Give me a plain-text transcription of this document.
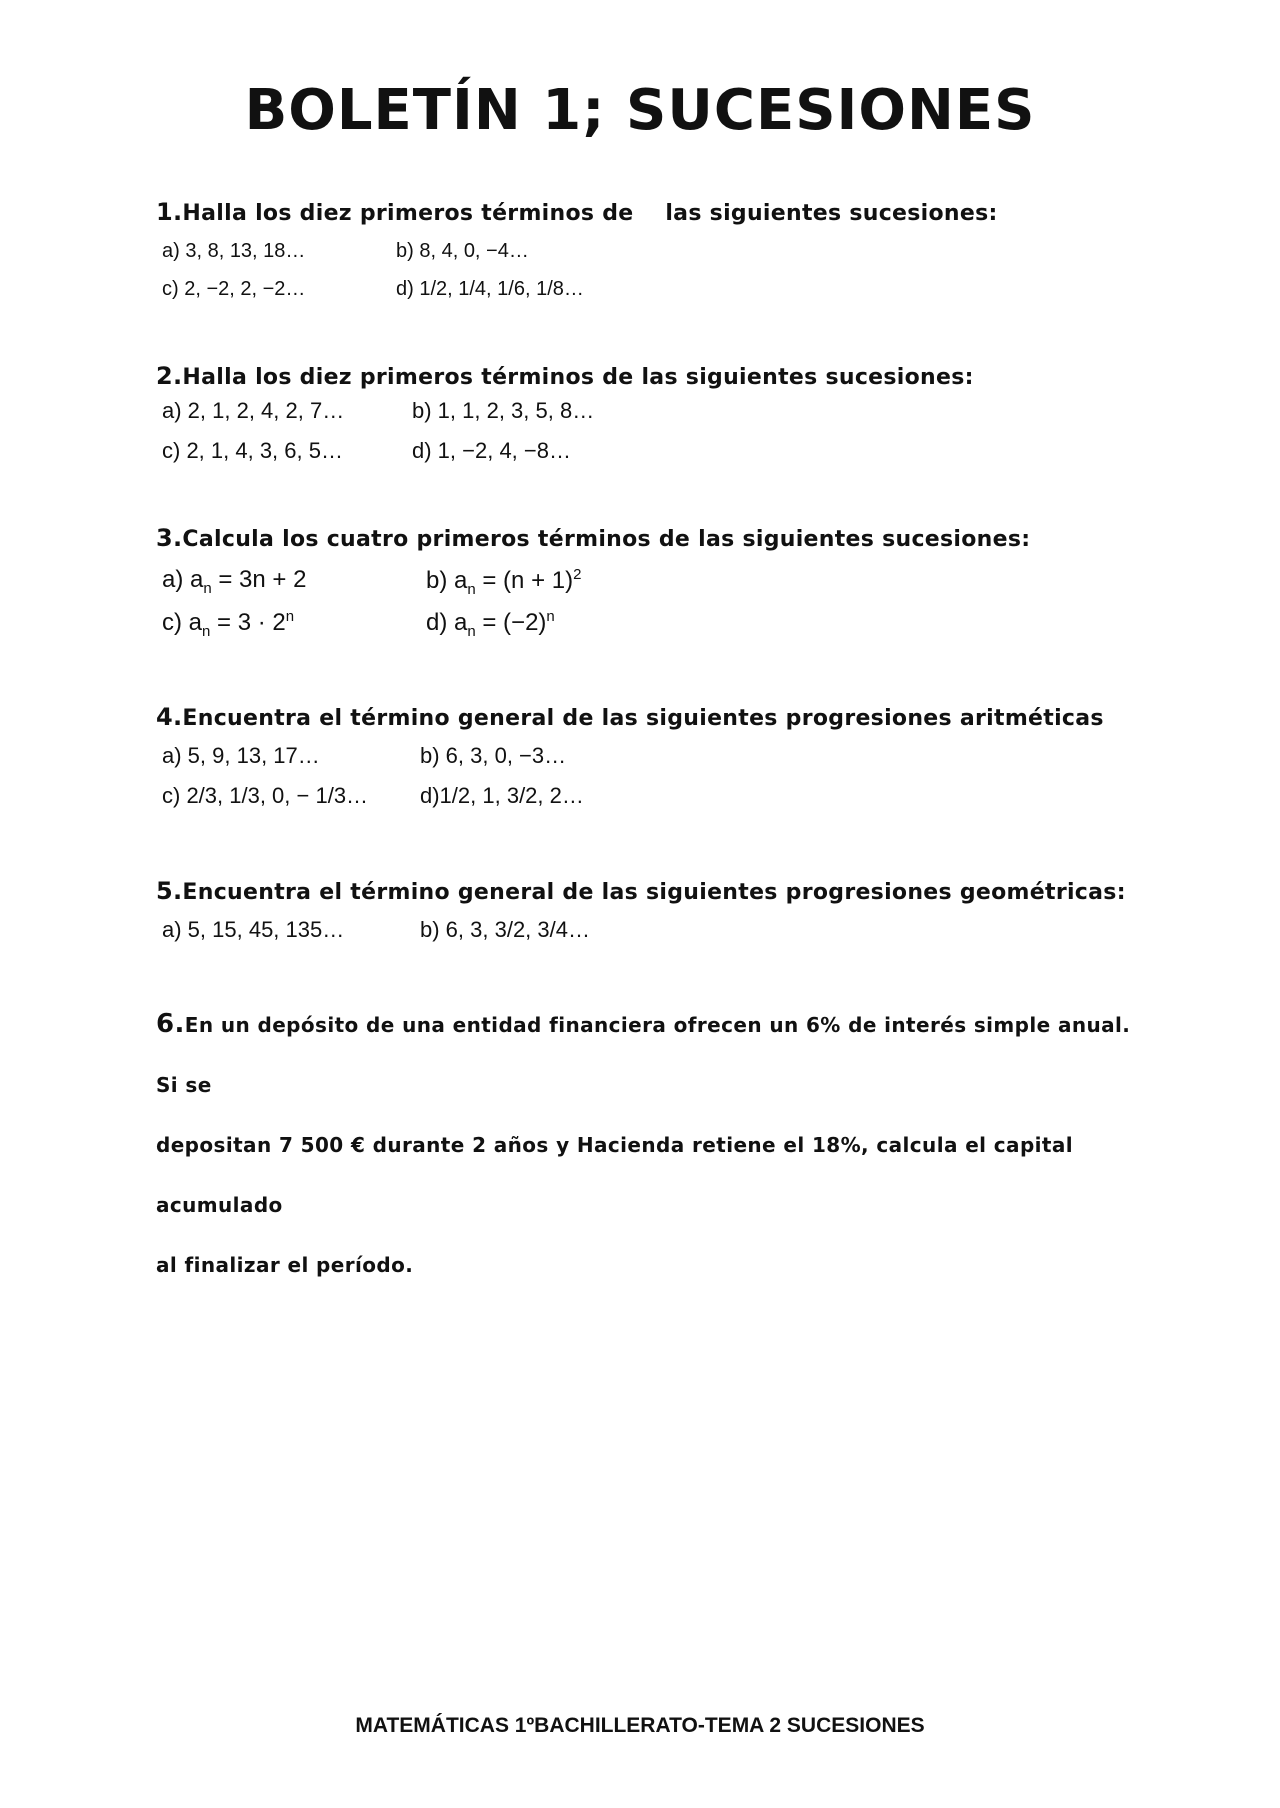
BOLETÍN 1; SUCESIONES
1.Halla los diez primeros términos de    las siguientes sucesiones:
a) 3, 8, 13, 18…	b) 8, 4, 0, −4…
c) 2, −2, 2, −2…	d) 1/2, 1/4, 1/6, 1/8…
2.Halla los diez primeros términos de las siguientes sucesiones:
a) 2, 1, 2, 4, 2, 7…	b) 1, 1, 2, 3, 5, 8…
c) 2, 1, 4, 3, 6, 5…	d) 1, −2, 4, −8…
3.Calcula los cuatro primeros términos de las siguientes sucesiones:
a) $a_n = 3n + 2$	b) $a_n = (n + 1)^2$
c) $a_n = 3 \cdot 2^n$	d) $a_n = (-2)^n$
4.Encuentra el término general de las siguientes progresiones aritméticas
a) 5, 9, 13, 17…	b) 6, 3, 0, −3…
c) 2/3, 1/3, 0, − 1/3… d)1/2, 1, 3/2, 2…
5.Encuentra el término general de las siguientes progresiones geométricas:
a) 5, 15, 45, 135…	b) 6, 3, 3/2, 3/4…
6.En un depósito de una entidad financiera ofrecen un 6% de interés simple anual. Si se
depositan 7 500 € durante 2 años y Hacienda retiene el 18%, calcula el capital acumulado
al finalizar el período.
MATEMÁTICAS 1ºBACHILLERATO-TEMA 2 SUCESIONES
